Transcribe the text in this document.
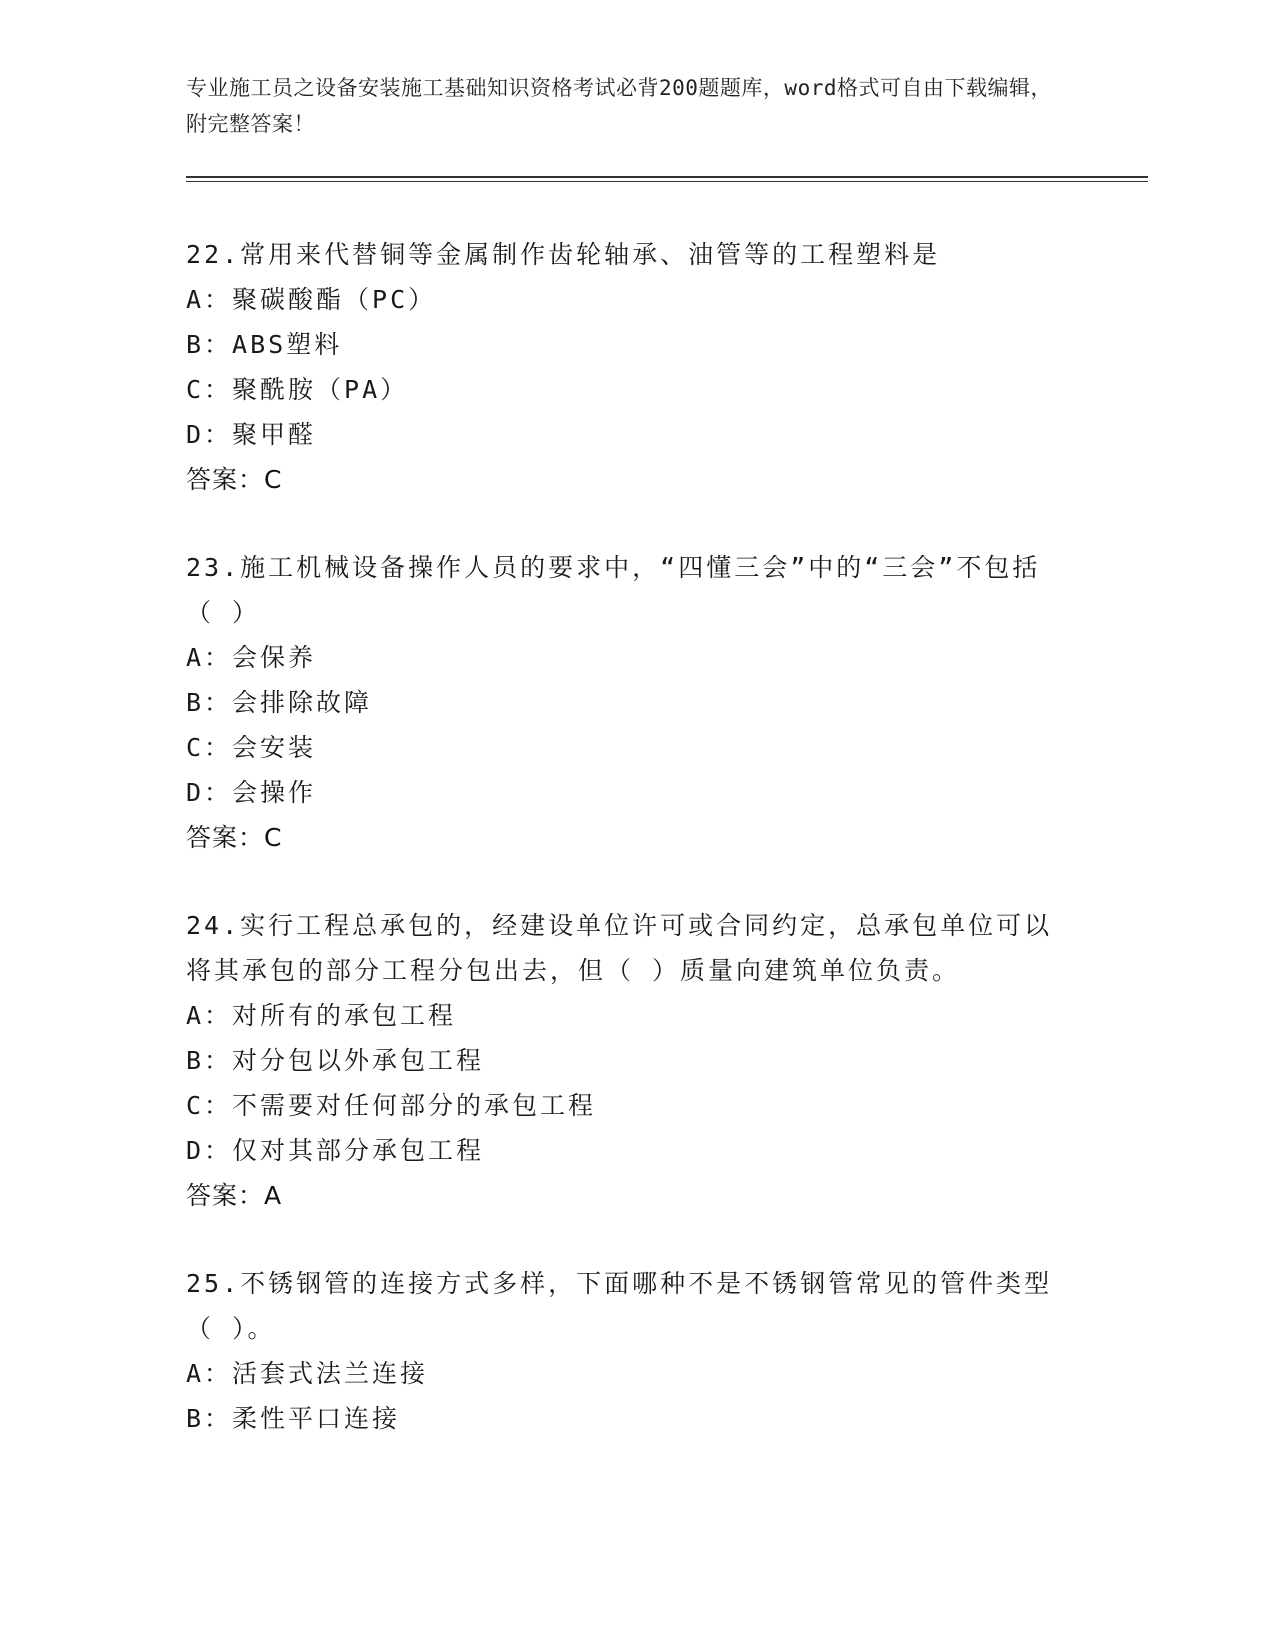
专业施工员之设备安装施工基础知识资格考试必背200题题库，word格式可自由下载编辑，附完整答案！
22.常用来代替铜等金属制作齿轮轴承、油管等的工程塑料是
A：聚碳酸酯（PC）
B：ABS塑料
C：聚酰胺（PA）
D：聚甲醛
答案：C
23.施工机械设备操作人员的要求中，“四懂三会”中的“三会”不包括（ ）
A：会保养
B：会排除故障
C：会安装
D：会操作
答案：C
24.实行工程总承包的，经建设单位许可或合同约定，总承包单位可以将其承包的部分工程分包出去，但（ ）质量向建筑单位负责。
A：对所有的承包工程
B：对分包以外承包工程
C：不需要对任何部分的承包工程
D：仅对其部分承包工程
答案：A
25.不锈钢管的连接方式多样，下面哪种不是不锈钢管常见的管件类型（ ）。
A：活套式法兰连接
B：柔性平口连接
